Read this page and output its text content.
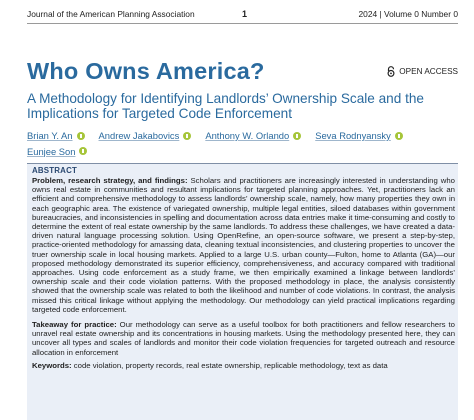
Journal of the American Planning Association	1	2024 | Volume 0 Number 0
Who Owns America?	OPEN ACCESS
A Methodology for Identifying Landlords’ Ownership Scale and the Implications for Targeted Code Enforcement
Brian Y. An	Andrew Jakabovics	Anthony W. Orlando	Seva Rodnyansky

Eunjee Son
ABSTRACT
Problem, research strategy, and findings: Scholars and practitioners are increasingly interested in understanding who owns real estate in communities and resultant implications for targeted planning approaches. Yet, practitioners lack an efficient and comprehensive methodology to assess landlords’ ownership scale, namely, how many properties they own in each geographic area. The existence of variegated ownership, multiple legal entities, siloed databases within government bureaucracies, and inconsistencies in spelling and documentation across data entries make it time-consuming and costly to determine the extent of real estate ownership by the same landlords. To address these challenges, we have created a data-driven natural language processing solution. Using OpenRefine, an open-source software, we present a step-by-step, practice-oriented methodology for amassing data, cleaning textual inconsistencies, and clustering properties to uncover the truer ownership scale in local housing markets. Applied to a large U.S. urban county—Fulton, home to Atlanta (GA)—our proposed methodology demonstrated its superior efficiency, comprehensiveness, and accuracy compared with traditional approaches. Using code enforcement as a study frame, we then empirically examined a linkage between landlords’ ownership scale and their code violation patterns. With the proposed methodology in place, the analysis consistently showed that the ownership scale was related to both the likelihood and number of code violations. In contrast, the analysis missed this critical linkage without applying the methodology. Our methodology can yield practical implications regarding targeted code enforcement.
Takeaway for practice: Our methodology can serve as a useful toolbox for both practitioners and fellow researchers to unravel real estate ownership and its concentrations in housing markets. Using the methodology presented here, they can uncover all types and scales of landlords and monitor their code violation frequencies for targeted outreach and resource allocation in enforcement
Keywords: code violation, property records, real estate ownership, replicable methodology, text as data
